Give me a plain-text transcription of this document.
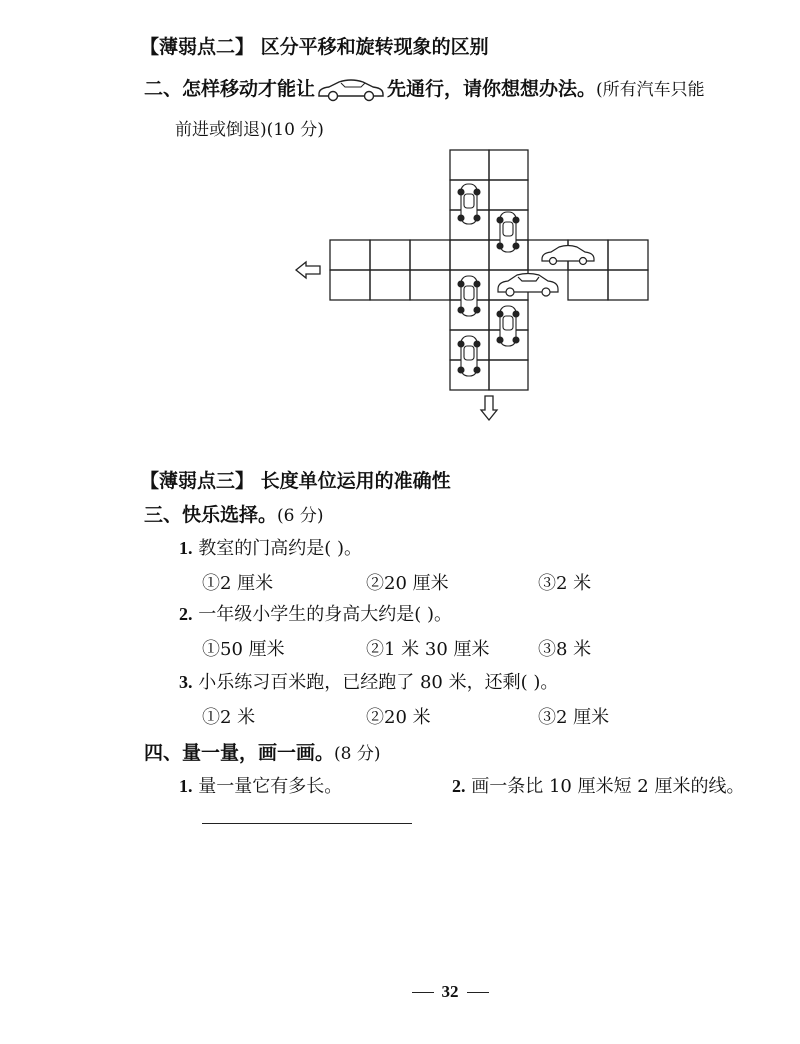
【薄弱点二】 区分平移和旋转现象的区别
二、怎样移动才能让	先通行，请你想想办法。(所有汽车只能
前进或倒退)(10 分)
【薄弱点三】 长度单位运用的准确性
三、快乐选择。(6 分)
1. 教室的门高约是( )。
①2 厘米	②20 厘米	③2 米
2. 一年级小学生的身高大约是( )。
①50 厘米	②1 米 30 厘米	③8 米
3. 小乐练习百米跑，已经跑了 80 米，还剩( )。
①2 米	②20 米	③2 厘米
四、量一量，画一画。(8 分)
1. 量一量它有多长。	2. 画一条比 10 厘米短 2 厘米的线。
32
